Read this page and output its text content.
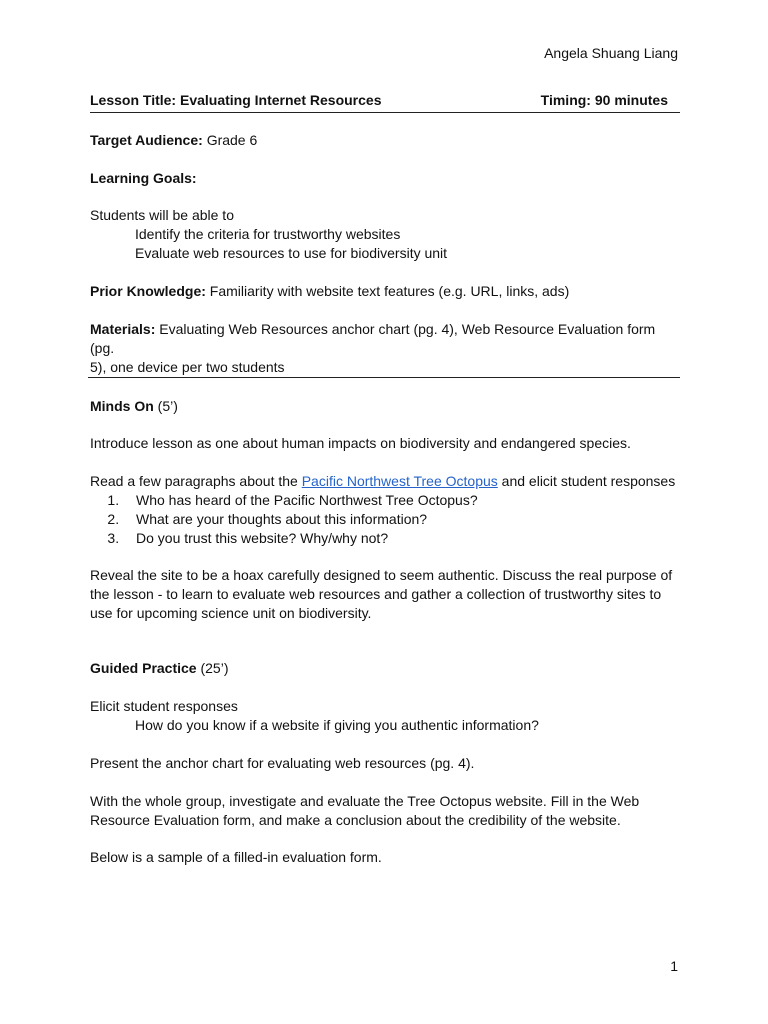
Angela Shuang Liang
Lesson Title: Evaluating Internet Resources	Timing: 90 minutes
Target Audience: Grade 6
Learning Goals:
Students will be able to
Identify the criteria for trustworthy websites
Evaluate web resources to use for biodiversity unit
Prior Knowledge: Familiarity with website text features (e.g. URL, links, ads)
Materials: Evaluating Web Resources anchor chart (pg. 4), Web Resource Evaluation form (pg.
5), one device per two students
Minds On (5’)
Introduce lesson as one about human impacts on biodiversity and endangered species.
Read a few paragraphs about the Pacific Northwest Tree Octopus and elicit student responses
1. Who has heard of the Pacific Northwest Tree Octopus?
2. What are your thoughts about this information?
3. Do you trust this website? Why/why not?
Reveal the site to be a hoax carefully designed to seem authentic. Discuss the real purpose of
the lesson - to learn to evaluate web resources and gather a collection of trustworthy sites to
use for upcoming science unit on biodiversity.
Guided Practice (25’)
Elicit student responses
How do you know if a website if giving you authentic information?
Present the anchor chart for evaluating web resources (pg. 4).
With the whole group, investigate and evaluate the Tree Octopus website. Fill in the Web
Resource Evaluation form, and make a conclusion about the credibility of the website.
Below is a sample of a filled-in evaluation form.
1
